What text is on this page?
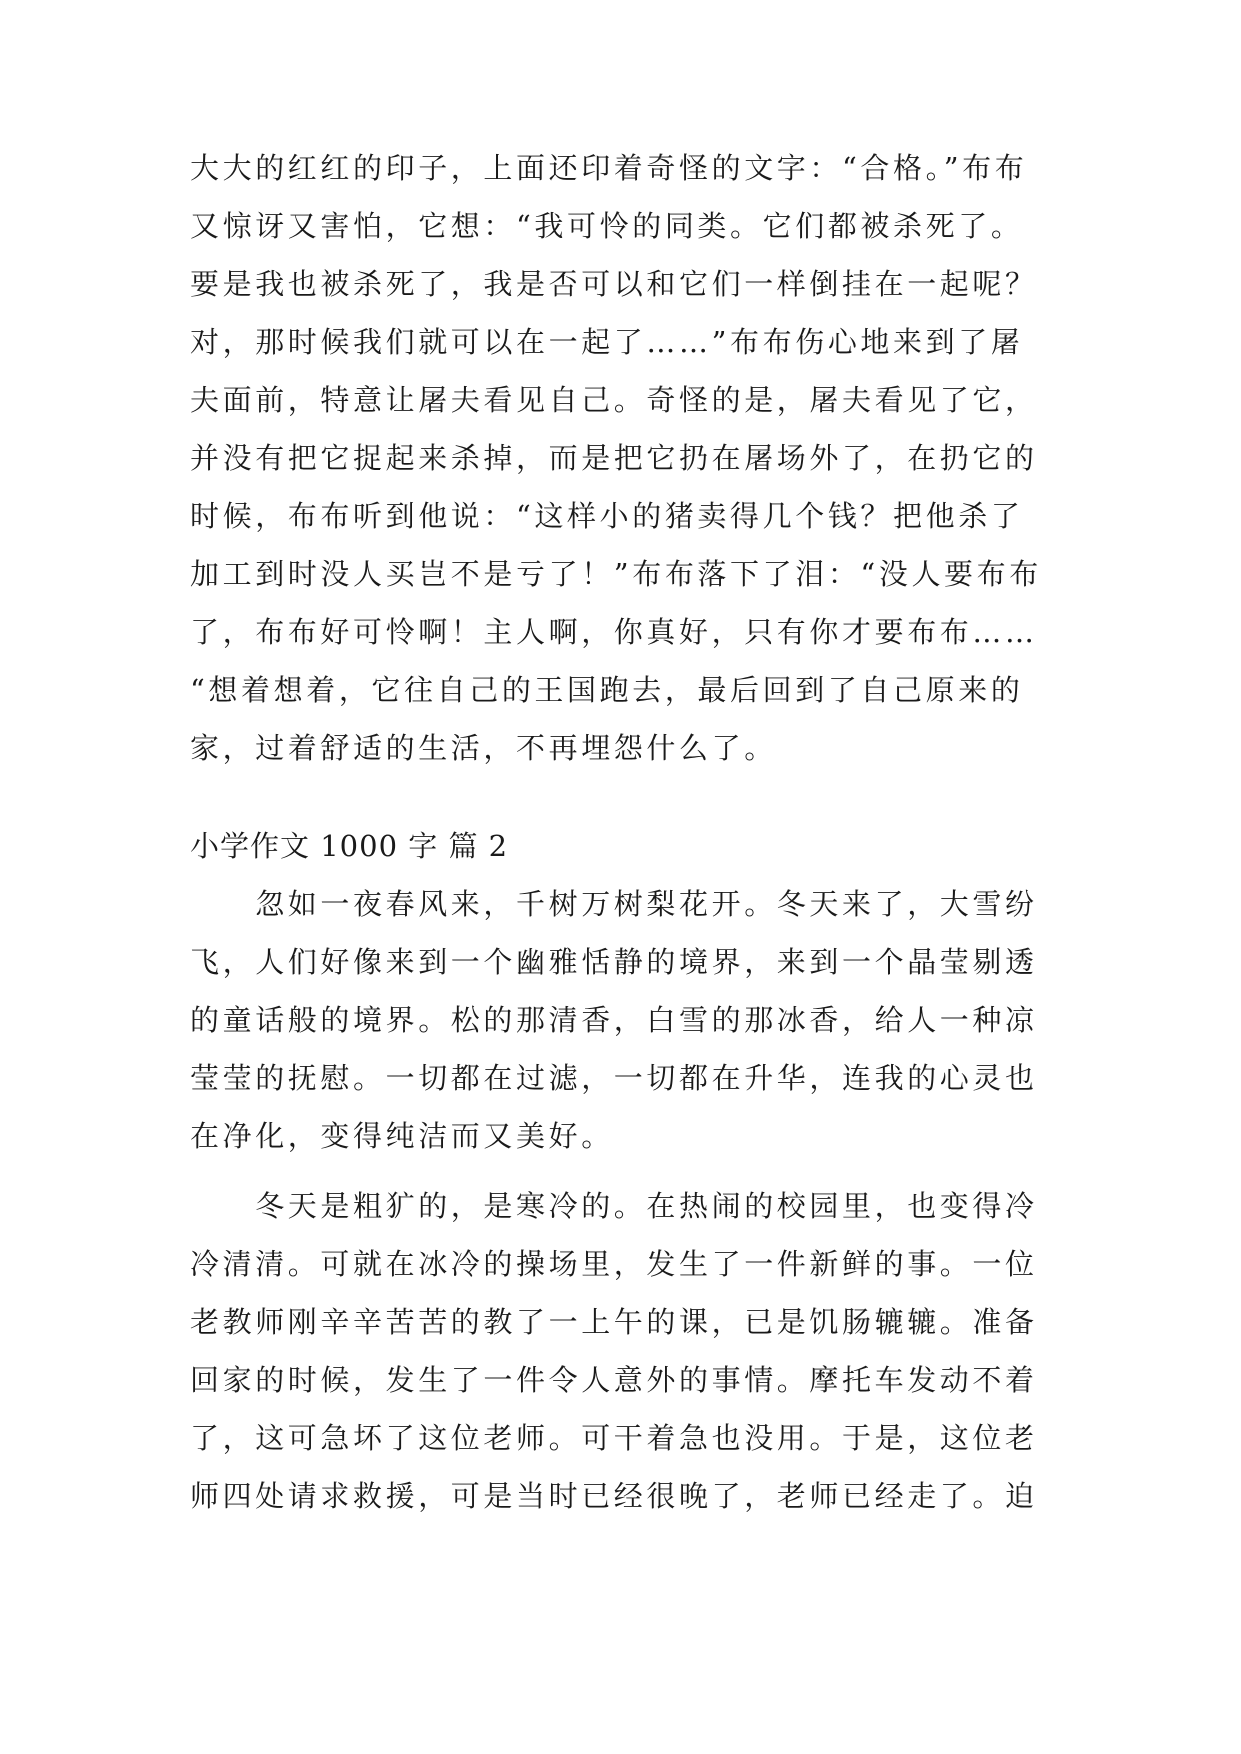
大大的红红的印子，上面还印着奇怪的文字：“合格。”布布
又惊讶又害怕，它想：“我可怜的同类。它们都被杀死了。
要是我也被杀死了，我是否可以和它们一样倒挂在一起呢？
对，那时候我们就可以在一起了……”布布伤心地来到了屠
夫面前，特意让屠夫看见自己。奇怪的是，屠夫看见了它，
并没有把它捉起来杀掉，而是把它扔在屠场外了，在扔它的
时候，布布听到他说：“这样小的猪卖得几个钱？把他杀了
加工到时没人买岂不是亏了！”布布落下了泪：“没人要布布
了，布布好可怜啊！主人啊，你真好，只有你才要布布……
“想着想着，它往自己的王国跑去，最后回到了自己原来的
家，过着舒适的生活，不再埋怨什么了。
小学作文 1000 字 篇 2
　　忽如一夜春风来，千树万树梨花开。冬天来了，大雪纷
飞，人们好像来到一个幽雅恬静的境界，来到一个晶莹剔透
的童话般的境界。松的那清香，白雪的那冰香，给人一种凉
莹莹的抚慰。一切都在过滤，一切都在升华，连我的心灵也
在净化，变得纯洁而又美好。
　　冬天是粗犷的，是寒冷的。在热闹的校园里，也变得冷
冷清清。可就在冰冷的操场里，发生了一件新鲜的事。一位
老教师刚辛辛苦苦的教了一上午的课，已是饥肠辘辘。准备
回家的时候，发生了一件令人意外的事情。摩托车发动不着
了，这可急坏了这位老师。可干着急也没用。于是，这位老
师四处请求救援，可是当时已经很晚了，老师已经走了。迫
